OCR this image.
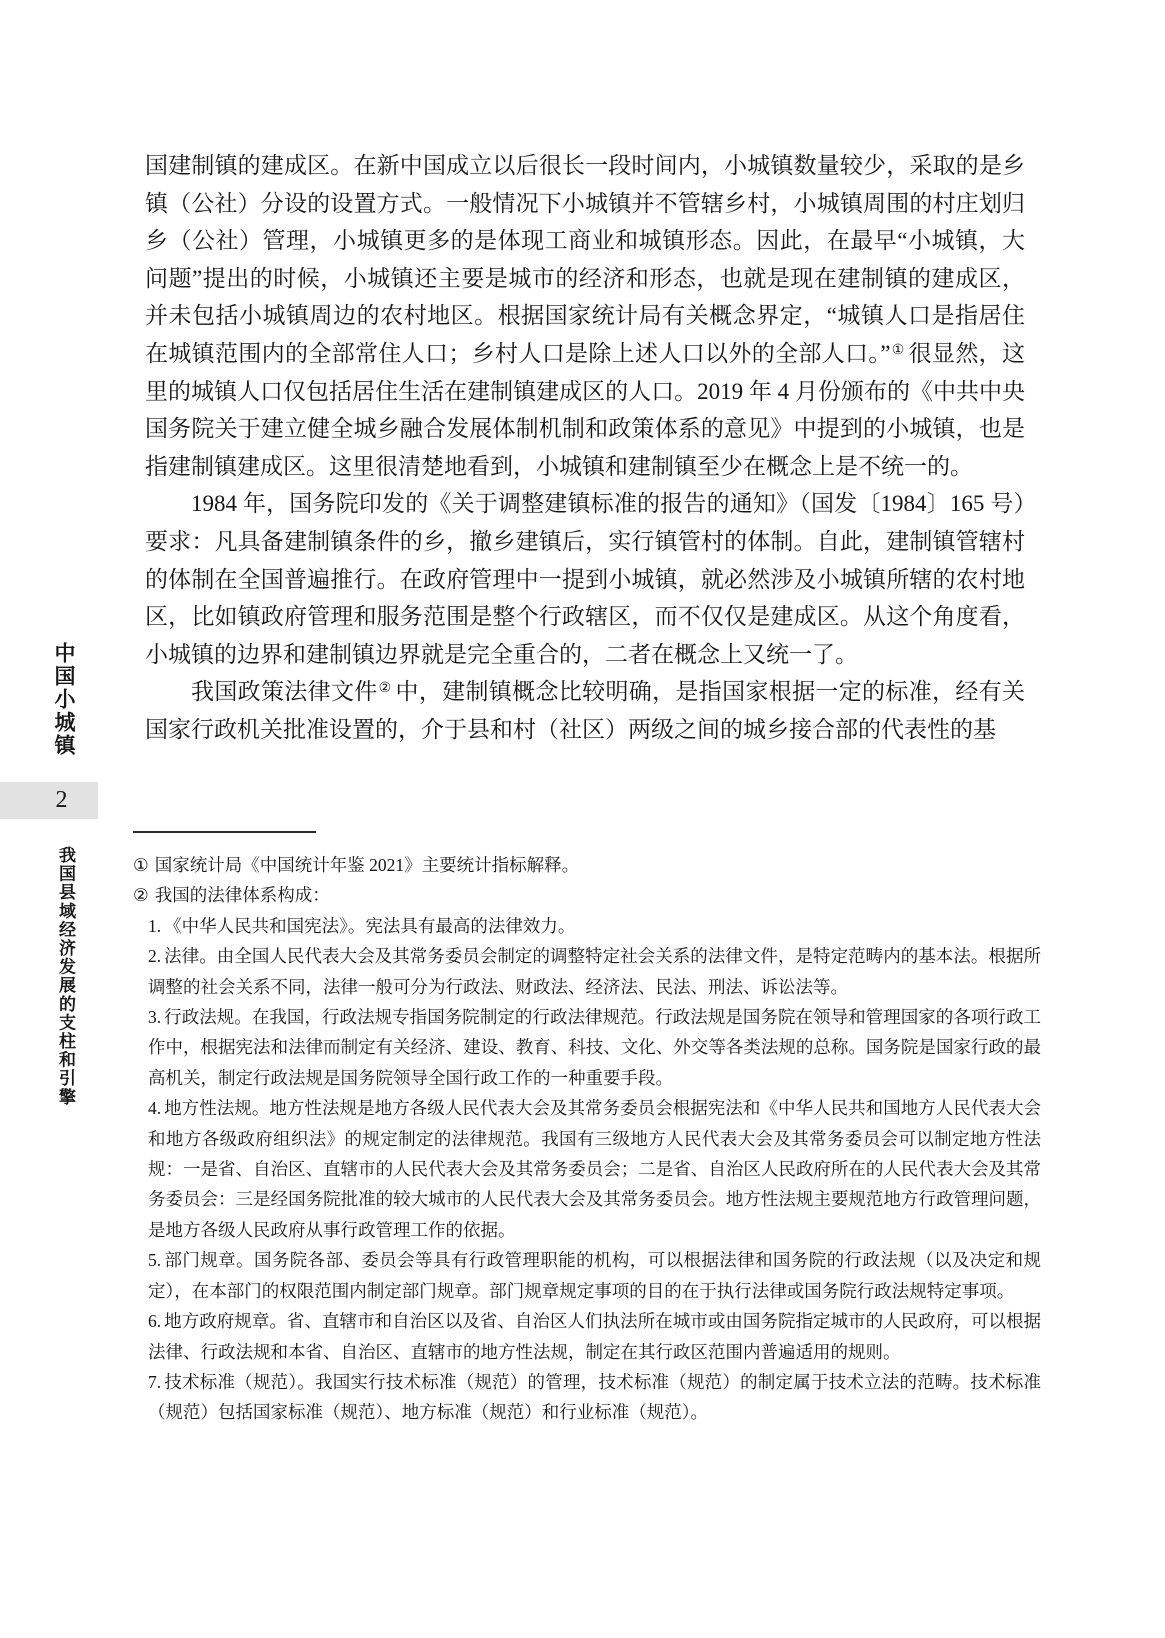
中国小城镇
2
我国县域经济发展的支柱和引擎

国建制镇的建成区。在新中国成立以后很长一段时间内，小城镇数量较少，采取的是乡镇（公社）分设的设置方式。一般情况下小城镇并不管辖乡村，小城镇周围的村庄划归乡（公社）管理，小城镇更多的是体现工商业和城镇形态。因此，在最早“小城镇，大问题”提出的时候，小城镇还主要是城市的经济和形态，也就是现在建制镇的建成区，并未包括小城镇周边的农村地区。根据国家统计局有关概念界定，“城镇人口是指居住在城镇范围内的全部常住人口；乡村人口是除上述人口以外的全部人口。”① 很显然，这里的城镇人口仅包括居住生活在建制镇建成区的人口。2019 年 4 月份颁布的《中共中央　国务院关于建立健全城乡融合发展体制机制和政策体系的意见》中提到的小城镇，也是指建制镇建成区。这里很清楚地看到，小城镇和建制镇至少在概念上是不统一的。

1984 年，国务院印发的《关于调整建镇标准的报告的通知》（国发〔1984〕165 号）要求：凡具备建制镇条件的乡，撤乡建镇后，实行镇管村的体制。自此，建制镇管辖村的体制在全国普遍推行。在政府管理中一提到小城镇，就必然涉及小城镇所辖的农村地区，比如镇政府管理和服务范围是整个行政辖区，而不仅仅是建成区。从这个角度看，小城镇的边界和建制镇边界就是完全重合的，二者在概念上又统一了。

我国政策法律文件② 中，建制镇概念比较明确，是指国家根据一定的标准，经有关国家行政机关批准设置的，介于县和村（社区）两级之间的城乡接合部的代表性的基

① 国家统计局《中国统计年鉴 2021》主要统计指标解释。
② 我国的法律体系构成：

1. 《中华人民共和国宪法》。宪法具有最高的法律效力。

2. 法律。由全国人民代表大会及其常务委员会制定的调整特定社会关系的法律文件，是特定范畴内的基本法。根据所调整的社会关系不同，法律一般可分为行政法、财政法、经济法、民法、刑法、诉讼法等。

3. 行政法规。在我国，行政法规专指国务院制定的行政法律规范。行政法规是国务院在领导和管理国家的各项行政工作中，根据宪法和法律而制定有关经济、建设、教育、科技、文化、外交等各类法规的总称。国务院是国家行政的最高机关，制定行政法规是国务院领导全国行政工作的一种重要手段。

4. 地方性法规。地方性法规是地方各级人民代表大会及其常务委员会根据宪法和《中华人民共和国地方人民代表大会和地方各级政府组织法》的规定制定的法律规范。我国有三级地方人民代表大会及其常务委员会可以制定地方性法规：一是省、自治区、直辖市的人民代表大会及其常务委员会；二是省、自治区人民政府所在的人民代表大会及其常务委员会：三是经国务院批准的较大城市的人民代表大会及其常务委员会。地方性法规主要规范地方行政管理问题，是地方各级人民政府从事行政管理工作的依据。

5. 部门规章。国务院各部、委员会等具有行政管理职能的机构，可以根据法律和国务院的行政法规（以及决定和规定），在本部门的权限范围内制定部门规章。部门规章规定事项的目的在于执行法律或国务院行政法规特定事项。

6. 地方政府规章。省、直辖市和自治区以及省、自治区人们执法所在城市或由国务院指定城市的人民政府，可以根据法律、行政法规和本省、自治区、直辖市的地方性法规，制定在其行政区范围内普遍适用的规则。

7. 技术标准（规范）。我国实行技术标准（规范）的管理，技术标准（规范）的制定属于技术立法的范畴。技术标准（规范）包括国家标准（规范）、地方标准（规范）和行业标准（规范）。
